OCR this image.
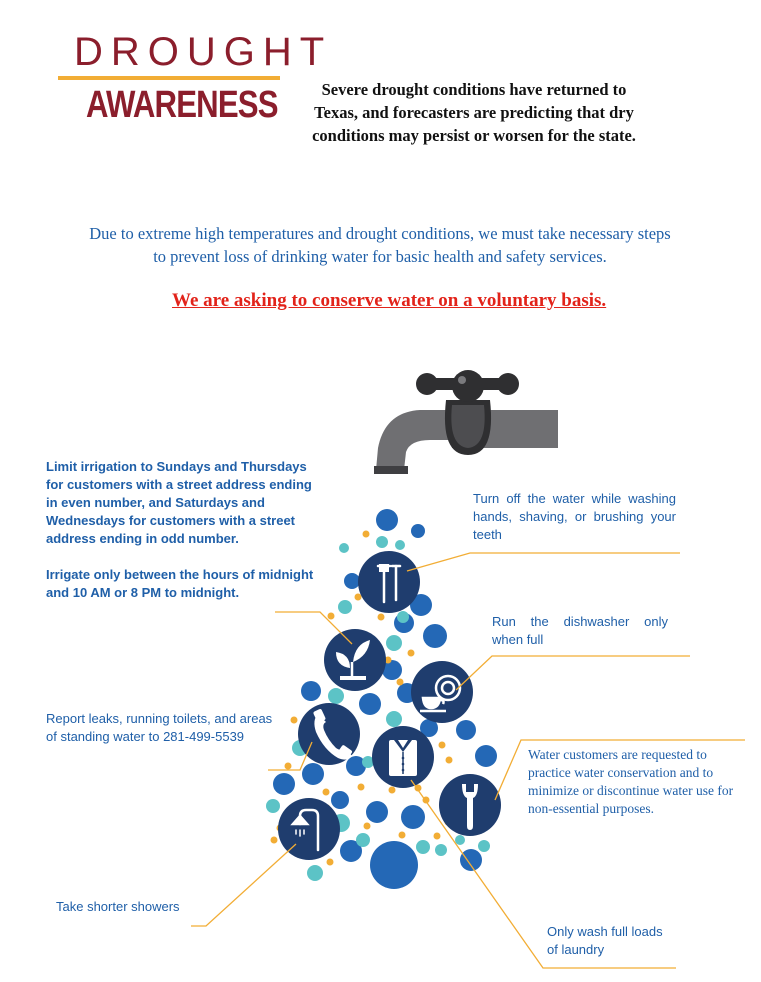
DROUGHT
AWARENESS	Severe drought conditions have returned to Texas, and forecasters are predicting that dry conditions may persist or worsen for the state.
Due to extreme high temperatures and drought conditions, we must take necessary steps to prevent loss of drinking water for basic health and safety services.
We are asking to conserve water on a voluntary basis.
Limit irrigation to Sundays and Thursdays for customers with a street address ending in even number, and Saturdays and Wednesdays for customers with a street address ending in odd number.
Irrigate only between the hours of midnight and 10 AM or 8 PM to midnight.
Report leaks, running toilets, and areas of standing water to 281-499-5539
Take shorter showers
Turn off the water while washing hands, shaving, or brushing your teeth
Run the dishwasher only when full
Water customers are requested to practice water conservation and to minimize or discontinue water use for non-essential purposes.
Only wash full loads of laundry
